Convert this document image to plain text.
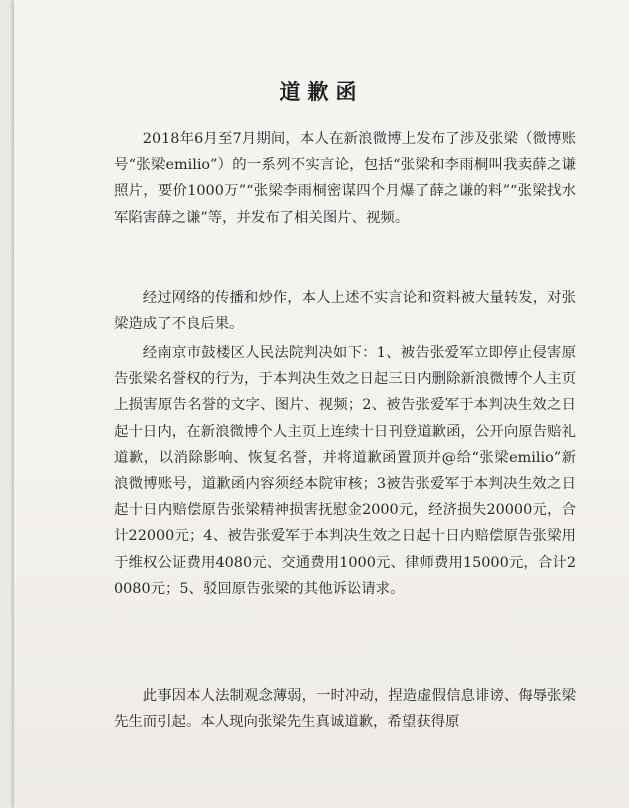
道歉函

2018年6月至7月期间，本人在新浪微博上发布了涉及张梁（微博账号“张梁emilio”）的一系列不实言论，包括“张梁和李雨桐叫我卖薛之谦照片，要价1000万”“张梁李雨桐密谋四个月爆了薛之谦的料”“张梁找水军陷害薛之谦”等，并发布了相关图片、视频。

经过网络的传播和炒作，本人上述不实言论和资料被大量转发，对张梁造成了不良后果。

经南京市鼓楼区人民法院判决如下：1、被告张爱军立即停止侵害原告张梁名誉权的行为，于本判决生效之日起三日内删除新浪微博个人主页上损害原告名誉的文字、图片、视频；2、被告张爱军于本判决生效之日起十日内，在新浪微博个人主页上连续十日刊登道歉函，公开向原告赔礼道歉，以消除影响、恢复名誉，并将道歉函置顶并@给“张梁emilio”新浪微博账号，道歉函内容须经本院审核；3被告张爱军于本判决生效之日起十日内赔偿原告张梁精神损害抚慰金2000元，经济损失20000元，合计22000元；4、被告张爱军于本判决生效之日起十日内赔偿原告张梁用于维权公证费用4080元、交通费用1000元、律师费用15000元，合计20080元；5、驳回原告张梁的其他诉讼请求。

此事因本人法制观念薄弱，一时冲动，捏造虚假信息诽谤、侮辱张梁先生而引起。本人现向张梁先生真诚道歉，希望获得原
